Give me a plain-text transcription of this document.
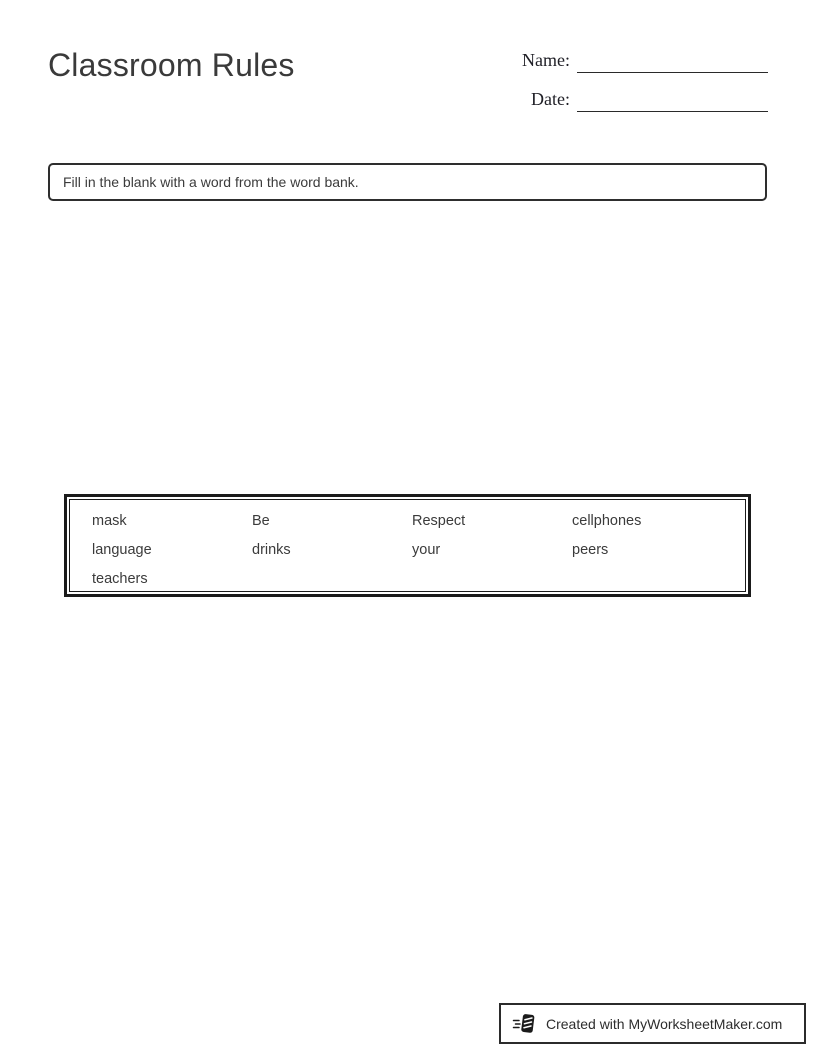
Classroom Rules	Name:
Date:
Fill in the blank with a word from the word bank.
mask	Be	Respect	cellphones
language	drinks	your	peers
teachers
Created with MyWorksheetMaker.com
